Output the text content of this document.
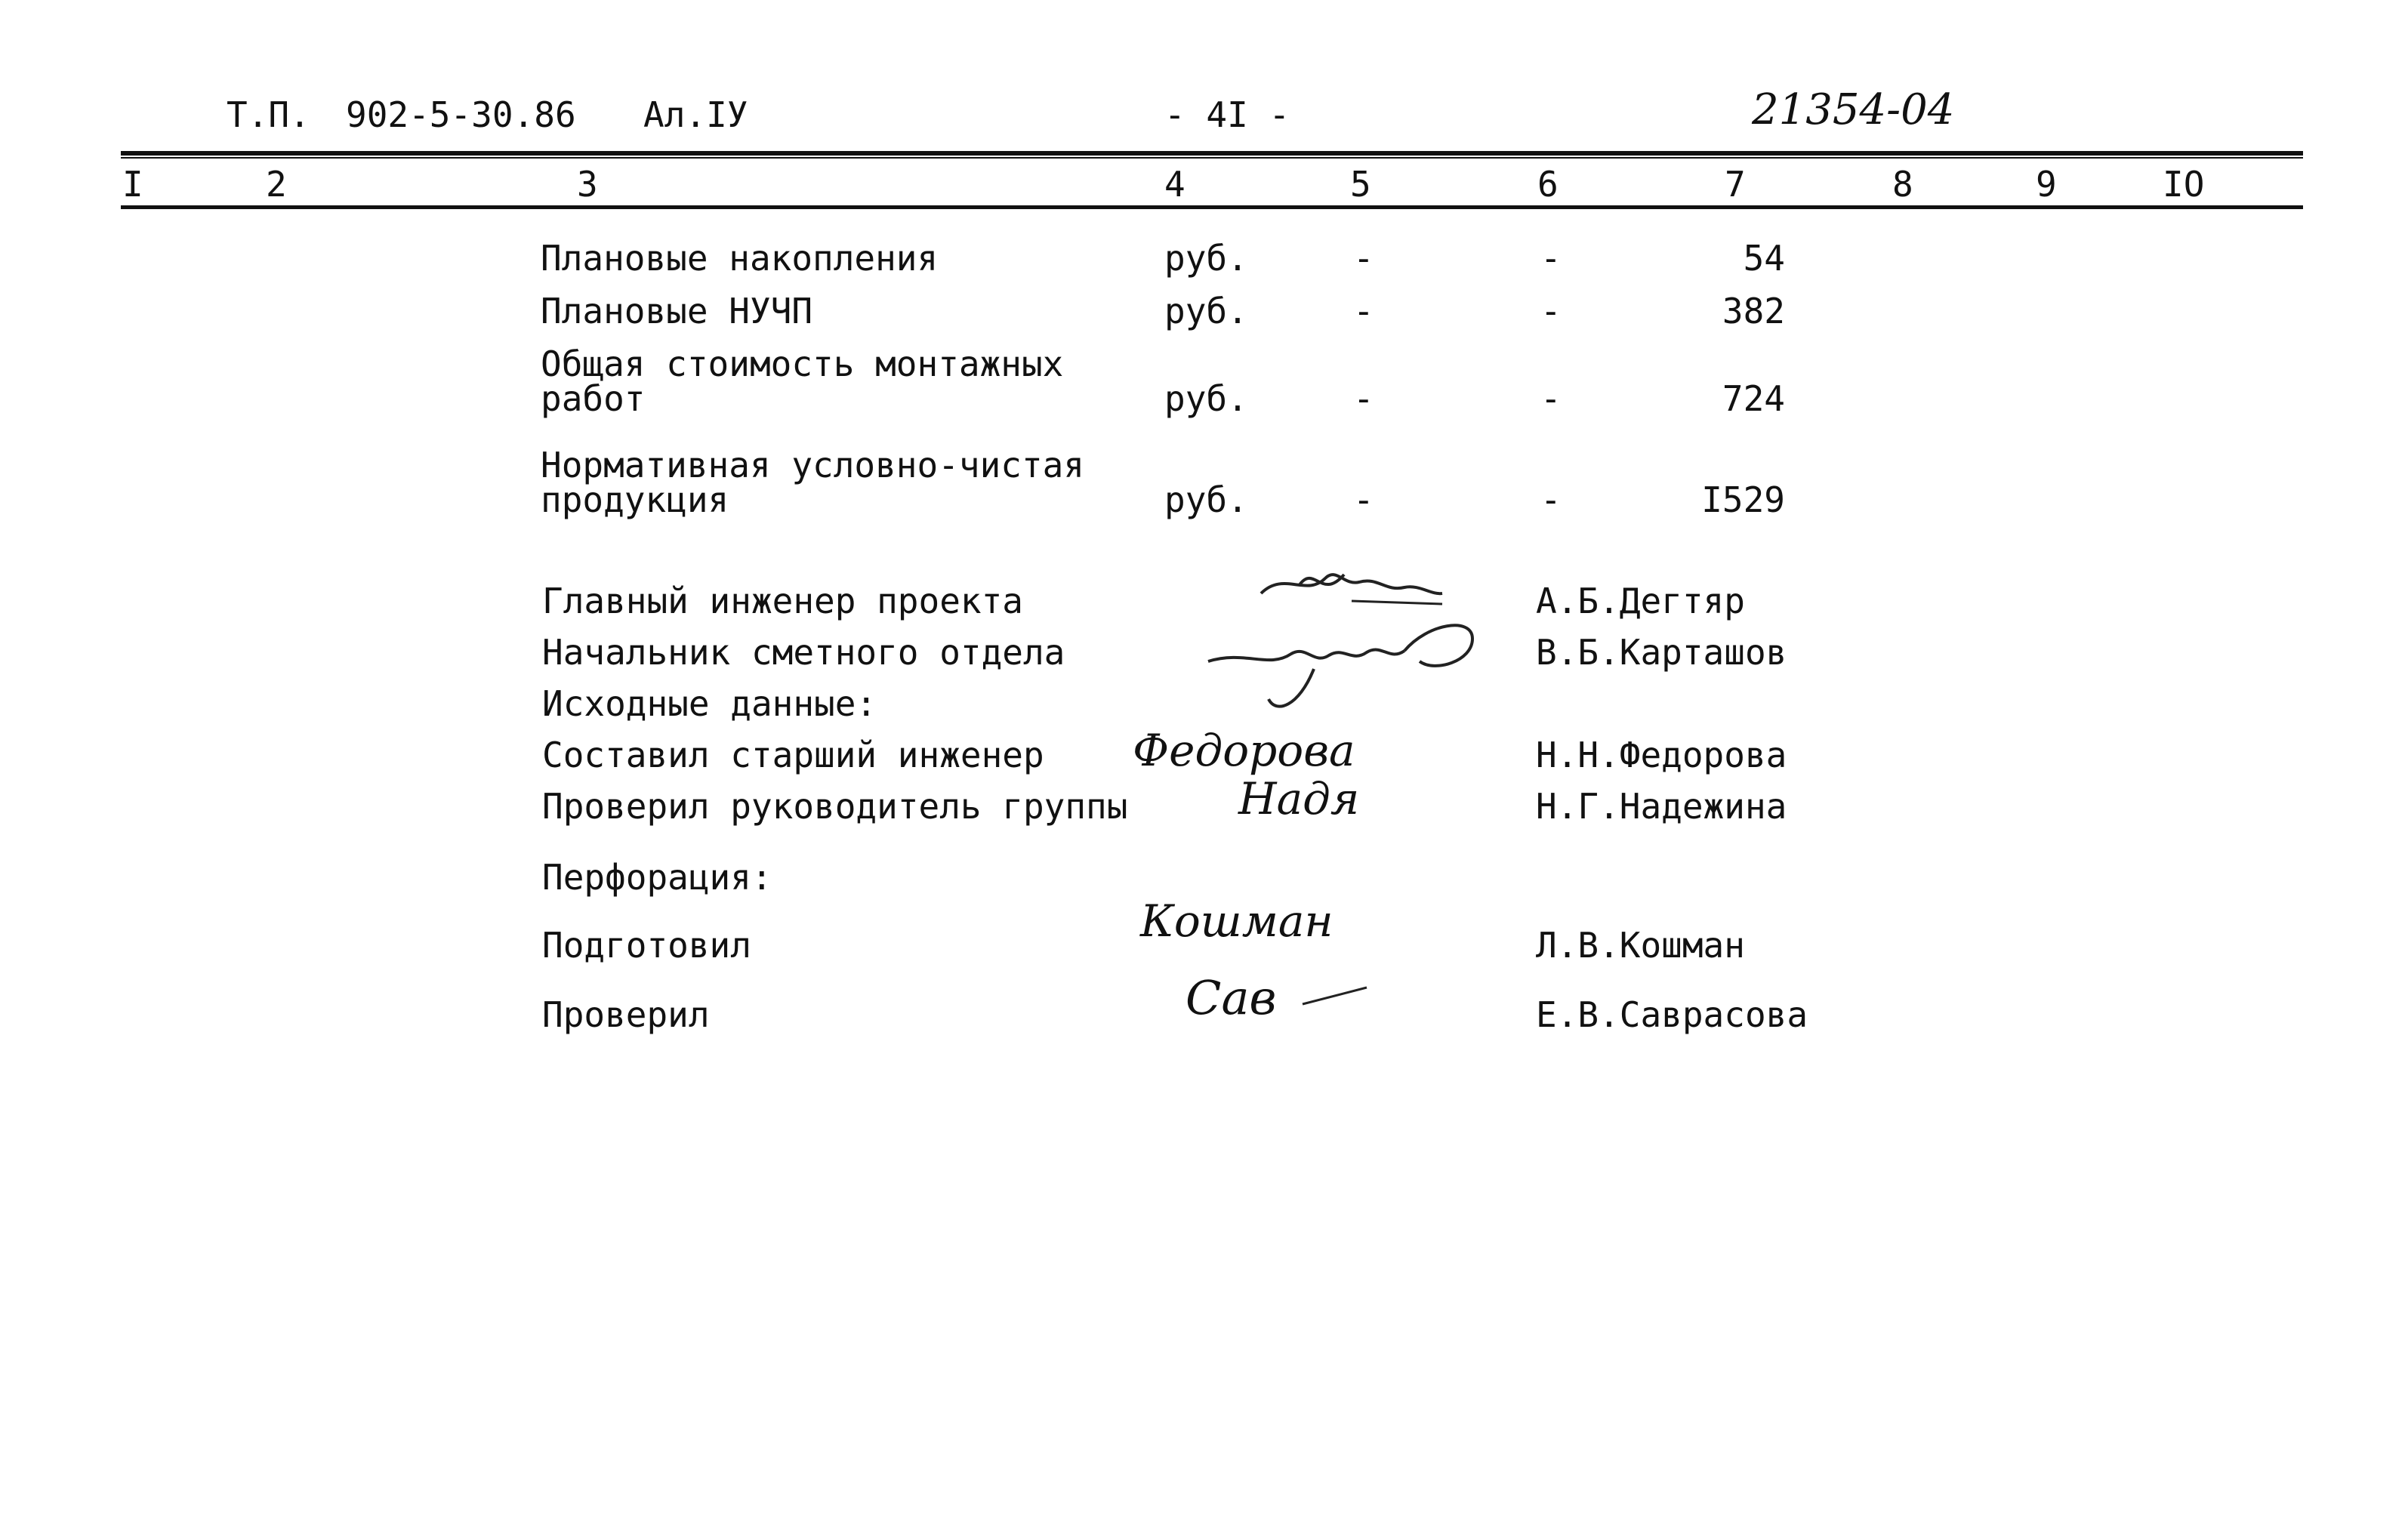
Т.П. 902-5-30.86 Ал.IУ	- 4I -	21354-04
I	2	3	4	5	6	7	8	9	IO
Плановые накопления	руб.	-	-	54
Плановые НУЧП	руб.	-	-	382
Общая стоимость монтажных
работ	руб.	-	-	724
Нормативная условно-чистая
продукция	руб.	-	-	I529
Главный инженер проекта	А.Б.Дегтяр
Начальник сметного отдела	В.Б.Карташов
Исходные данные:
Составил старший инженер	Н.Н.Федорова
Проверил руководитель группы	Н.Г.Надежина
Перфорация:
Подготовил	Л.В.Кошман
Проверил	Е.В.Саврасова
Федорова
Надя
Кошман
Сав
